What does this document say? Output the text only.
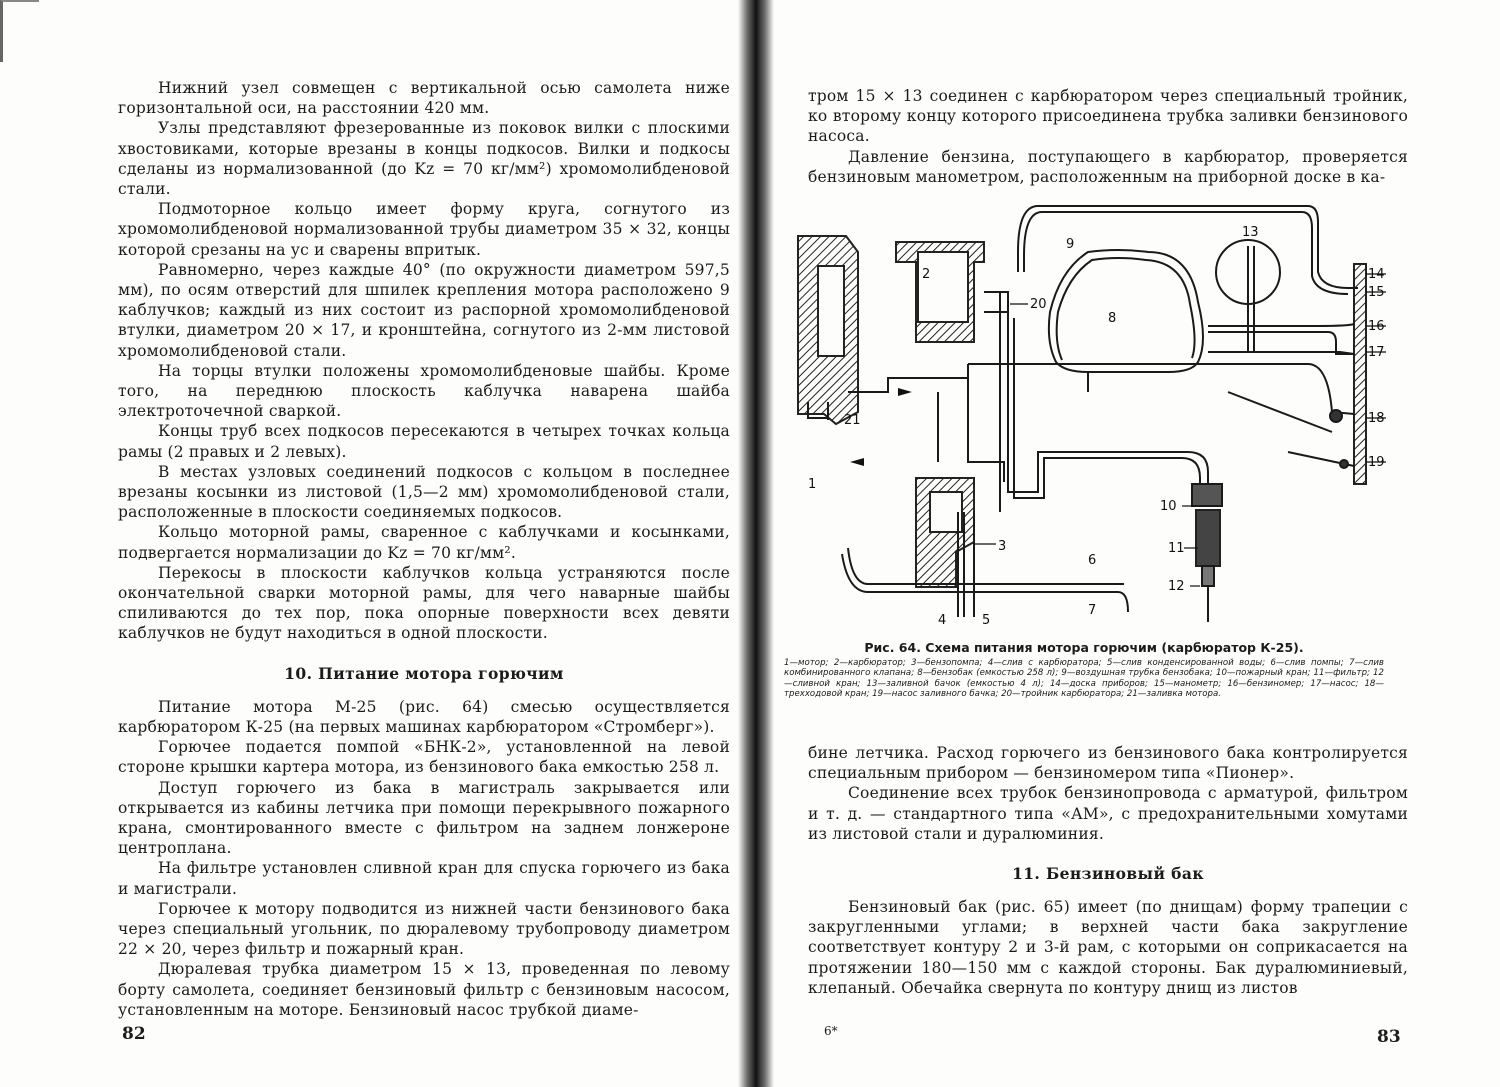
Нижний узел совмещен с вертикальной осью самолета ниже горизонтальной оси, на расстоянии 420 мм.

Узлы представляют фрезерованные из поковок вилки с плоскими хвостовиками, которые врезаны в концы подкосов. Вилки и подкосы сделаны из нормализованной (до Kz = 70 кг/мм²) хромомолибденовой стали.

Подмоторное кольцо имеет форму круга, согнутого из хромомолибденовой нормализованной трубы диаметром 35 × 32, концы которой срезаны на ус и сварены впритык.

Равномерно, через каждые 40° (по окружности диаметром 597,5 мм), по осям отверстий для шпилек крепления мотора расположено 9 каблучков; каждый из них состоит из распорной хромомолибденовой втулки, диаметром 20 × 17, и кронштейна, согнутого из 2-мм листовой хромомолибденовой стали.

На торцы втулки положены хромомолибденовые шайбы. Кроме того, на переднюю плоскость каблучка наварена шайба электроточечной сваркой.

Концы труб всех подкосов пересекаются в четырех точках кольца рамы (2 правых и 2 левых).

В местах узловых соединений подкосов с кольцом в последнее врезаны косынки из листовой (1,5—2 мм) хромомолибденовой стали, расположенные в плоскости соединяемых подкосов.

Кольцо моторной рамы, сваренное с каблучками и косынками, подвергается нормализации до Kz = 70 кг/мм².

Перекосы в плоскости каблучков кольца устраняются после окончательной сварки моторной рамы, для чего наварные шайбы спиливаются до тех пор, пока опорные поверхности всех девяти каблучков не будут находиться в одной плоскости.

10. Питание мотора горючим

Питание мотора М-25 (рис. 64) смесью осуществляется карбюратором К-25 (на первых машинах карбюратором «Стромберг»).

Горючее подается помпой «БНК-2», установленной на левой стороне крышки картера мотора, из бензинового бака емкостью 258 л.

Доступ горючего из бака в магистраль закрывается или открывается из кабины летчика при помощи перекрывного пожарного крана, смонтированного вместе с фильтром на заднем лонжероне центроплана.

На фильтре установлен сливной кран для спуска горючего из бака и магистрали.

Горючее к мотору подводится из нижней части бензинового бака через специальный угольник, по дюралевому трубопроводу диаметром 22 × 20, через фильтр и пожарный кран.

Дюралевая трубка диаметром 15 × 13, проведенная по левому борту самолета, соединяет бензиновый фильтр с бензиновым насосом, установленным на моторе. Бензиновый насос трубкой диаме-

82

тром 15 × 13 соединен с карбюратором через специальный тройник, ко второму концу которого присоединена трубка заливки бензинового насоса.

Давление бензина, поступающего в карбюратор, проверяется бензиновым манометром, расположенным на приборной доске в ка-

1
2
3
4	5
6
7
8
9
10
11
12
13
14
15
16
17
18
19
20
21

Рис. 64. Схема питания мотора горючим (карбюратор К-25).

1—мотор; 2—карбюратор; 3—бензопомпа; 4—слив с карбюратора; 5—слив конденсированной воды; 6—слив помпы; 7—слив комбинированного клапана; 8—бензобак (емкостью 258 л); 9—воздушная трубка бензобака; 10—пожарный кран; 11—фильтр; 12—сливной кран; 13—заливной бачок (емкостью 4 л); 14—доска приборов; 15—манометр; 16—бензиномер; 17—насос; 18—трехходовой кран; 19—насос заливного бачка; 20—тройник карбюратора; 21—заливка мотора.

бине летчика. Расход горючего из бензинового бака контролируется специальным прибором — бензиномером типа «Пионер».

Соединение всех трубок бензинопровода с арматурой, фильтром и т. д. — стандартного типа «АМ», с предохранительными хомутами из листовой стали и дуралюминия.

11. Бензиновый бак

Бензиновый бак (рис. 65) имеет (по днищам) форму трапеции с закругленными углами; в верхней части бака закругление соответствует контуру 2 и 3-й рам, с которыми он соприкасается на протяжении 180—150 мм с каждой стороны. Бак дуралюминиевый, клепаный. Обечайка свернута по контуру днищ из листов

6*	83
